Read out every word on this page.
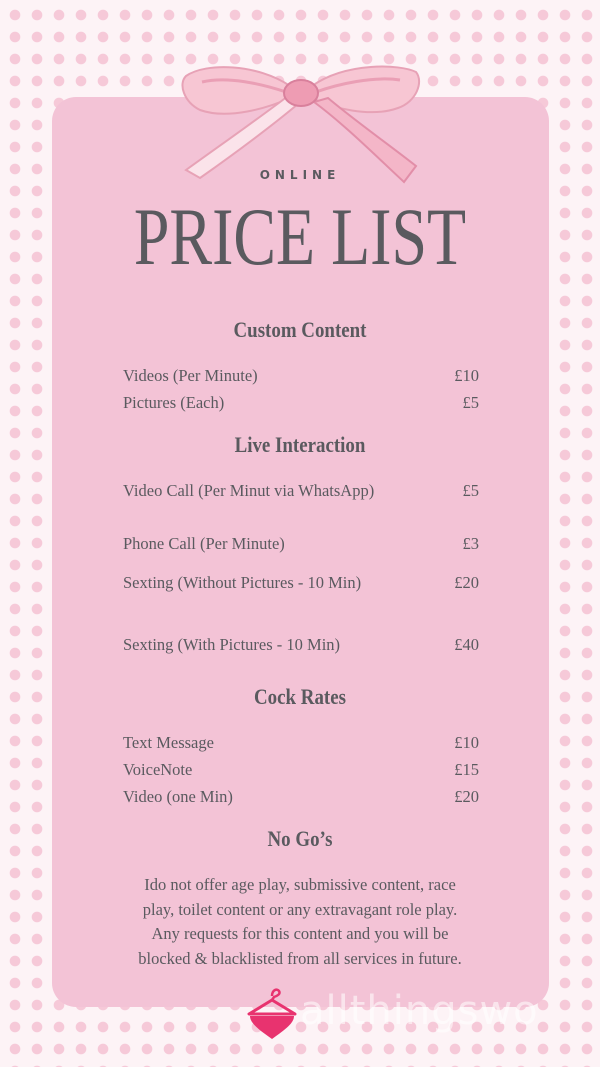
ONLINE
PRICE LIST
Custom Content
Videos (Per Minute)	£10
Pictures (Each)	£5
Live Interaction
Video Call (Per Minut via WhatsApp)	£5
Phone Call (Per Minute)	£3
Sexting (Without Pictures - 10 Min)	£20
Sexting (With Pictures - 10 Min)	£40
Cock Rates
Text Message	£10
VoiceNote	£15
Video (one Min)	£20
No Go’s
Ido not offer age play, submissive content, race play, toilet content or any extravagant role play. Any requests for this content and you will be blocked & blacklisted from all services in future.
allthingswo
